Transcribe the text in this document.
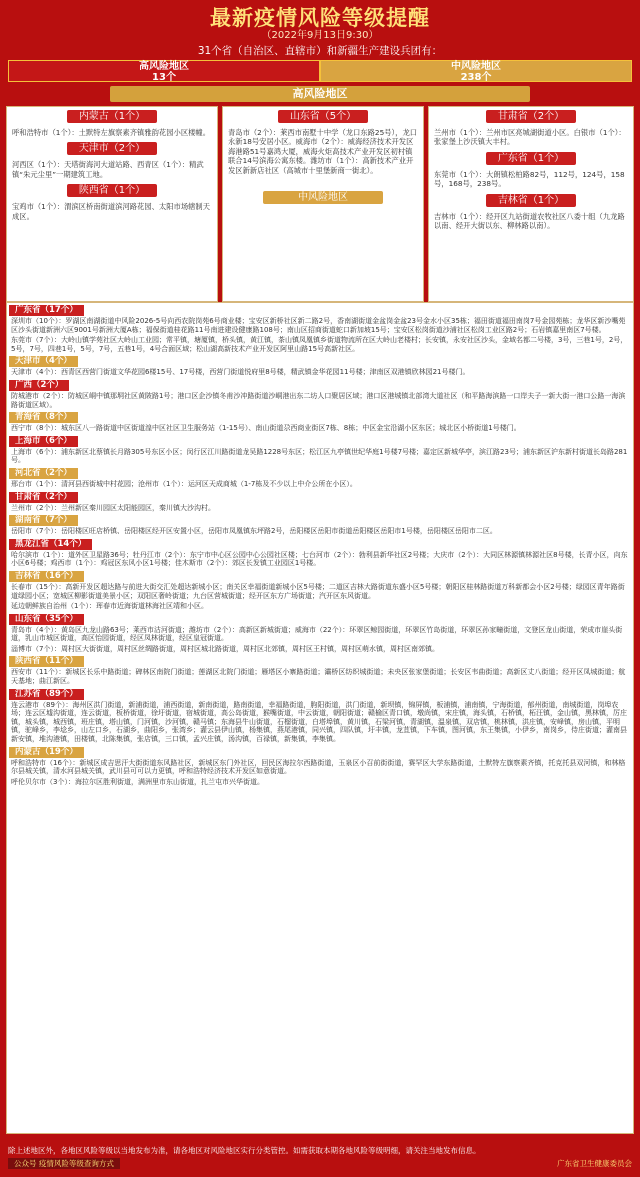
最新疫情风险等级提醒
（2022年9月13日9:30）
31个省（自治区、直辖市）和新疆生产建设兵团有：
高风险地区
13个
中风险地区
238个
高风险地区
内蒙古（1个）
呼和浩特市（1个）：土默特左旗察素齐镇雅韵花园小区楼幢。
天津市（2个）
河西区（1个）：天塔街海河大道站路、西青区（1个）：精武镇“朱元尘里”一期建筑工地。
陕西省（1个）
宝鸡市（1个）：渭滨区桥南街道滨河路花园、太阳市场辖制天成区。
山东省（5个）
青岛市（2个）：莱西市南墅十中学（龙口东路25号），龙口永新18号安居小区。威海市（2个）：威海经济技术开发区海港路51号嘉鸿大厦，威海火炬高技术产业开发区初村镇联合14号滨海公寓东楼。潍坊市（1个）：高新技术产业开发区新新店社区（高城市十里堡新商一街北）。
中风险地区
甘肃省（2个）
兰州市（1个）：兰州市区亮城湖街道小区。白银市（1个）：张家堡上沙沃镇大丰村。
广东省（1个）
东莞市（1个）：大朗镇松柏路82号，112号，124号，158号，168号，238号。
吉林省（1个）
吉林市（1个）：经开区九站街道农牧社区八委十组（九龙路以南、经开大街以东、柳林路以南）。
广东省（17个）
深圳市（10个）：罗湖区南湖街道中风险2026-5号向西农院岗苑6号商业楼；宝安区新桥社区新二路2号，香南湖街道金盆岗金盆23号金水小区35栋；福田街道福田南岗7号金园苑栋；龙华区新沙嘴苑区沙头街道新洲六区9001号新洲大厦A栋；福保街道桂花路11号南进建设健康路108号；南山区招商街道蛇口新加坡15号；宝安区松岗街道沙浦社区松岗工业区路2号；石岩镇嘉里南区7号楼。
东莞市（7个）：大岭山镇学苑社区大岭山工业园；常平镇，塘厦镇，桥头镇，黄江镇，茶山镇凤凰镇乡街道物流所在区大岭山老楼村；长安镇，永安社区沙头，金域名都二号楼，3号，三巷1号，2号，5号，7号，四巷1号，5号，7号，五巷1号，4号合面区域；松山湖高新技术产业开发区阿里山路15号高新社区。
天津市（4个）
天津市（4个）：西青区西营门街道文华花园6楼15号、17号楼，西营门街道悦府里8号楼，精武镇金华花园11号楼；津南区双港镇欣林园21号楼门。
广西（2个）
防城港市（2个）：防城区峒中镇那垌社区黄陂路1号；港口区企沙镇冬甫沙冲路街道沙峒港出东二坊人口聚居区域；港口区港城镇北部湾大道社区（和平路海滨路一口岸夫子一新大街一港口公路一海滨路街道区域）。
青海省（8个）
西宁市（8个）：城东区八一路街道中区街道湟中区社区卫生服务站（1-15号）、南山街道尕西商业街区7栋、8栋；中区金宝沿湖小区东区；城北区小桥街道1号楼门。
上海市（6个）
上海市（6个）：浦东新区北蔡镇长月路305号东区小区；闵行区江川路街道龙吴路1228号东区；松江区九亭镇世纪华庭1号楼7号楼；嘉定区新城华亭，滨江路23号；浦东新区沪东新村街道长岛路281号。
河北省（2个）
邢台市（1个）：清河县西街城中村花园；沧州市（1个）：运河区天成商城（1-7栋及不少以上中介公所在小区）。
甘肃省（2个）
兰州市（2个）：兰州新区秦川园区太阳能园区，秦川镇大沙沟村。
湖南省（7个）
岳阳市（7个）：岳阳楼区旺店桥镇、岳阳楼区经开区安置小区，岳阳市凤凰镇东坪路2号，岳阳楼区岳阳市街道岳阳楼区岳阳市1号楼，岳阳楼区岳阳市二区。
黑龙江省（14个）
哈尔滨市（1个）：道外区卫星路36号；牡丹江市（2个）：东宁市中心区公园中心公园社区楼；七台河市（2个）：勃利县新华社区2号楼；大庆市（2个）：大同区林源镇林源社区8号楼，长青小区，向东小区6号楼；鸡西市（1个）：鸡冠区东风小区1号楼；佳木斯市（2个）：郊区长发镇工业园区1号楼。
吉林省（16个）
长春市（15个）：高新开发区超达路与前进大街交汇处超达新城小区；南关区幸福街道新城小区5号楼；二道区吉林大路街道东盛小区5号楼；朝阳区桂林路街道万科新都会小区2号楼；绿园区青年路街道绿园小区；宽城区柳影街道美景小区；双阳区奢岭街道；九台区营城街道；经开区东方广场街道；汽开区东风街道。
延边朝鲜族自治州（1个）：珲春市近海街道林海社区靖和小区。
山东省（35个）
青岛市（4个）：黄岛区九龙山路63号；莱西市沽河街道；潍坊市（2个）：高新区新城街道；威海市（22个）：环翠区鲸园街道，环翠区竹岛街道，环翠区孙家疃街道，文登区龙山街道，荣成市崖头街道，乳山市城区街道，高区怡园街道，经区凤林街道，经区皇冠街道。
淄博市（7个）：周村区大街街道，周村区丝绸路街道，周村区城北路街道，周村区北郊镇，周村区王村镇，周村区萌水镇，周村区南郊镇。
陕西省（11个）
西安市（11个）：新城区长乐中路街道；碑林区南院门街道；莲湖区北院门街道；雁塔区小寨路街道；灞桥区纺织城街道；未央区张家堡街道；长安区韦曲街道；高新区丈八街道；经开区凤城街道；航天基地；曲江新区。
江苏省（89个）
连云港市（89个）：海州区洪门街道，新浦街道，浦西街道，新南街道，路南街道，幸福路街道，朐阳街道，洪门街道，新坝镇，锦屏镇，板浦镇，浦南镇，宁海街道，郁州街道，南城街道，岗埠农场；连云区墟沟街道，连云街道，板桥街道，徐圩街道，宿城街道，高公岛街道，猴嘴街道，中云街道，朝阳街道；赣榆区青口镇，墩尚镇，宋庄镇，海头镇，石桥镇，柘汪镇，金山镇，黑林镇，厉庄镇，城头镇，城西镇，班庄镇，塔山镇，门河镇，沙河镇，赣马镇；东海县牛山街道，石榴街道，白塔埠镇，黄川镇，石梁河镇，青湖镇，温泉镇，双店镇，桃林镇，洪庄镇，安峰镇，房山镇，平明镇，驼峰乡，李埝乡，山左口乡，石湖乡，曲阳乡，张湾乡；灌云县伊山镇，杨集镇，燕尾港镇，同兴镇，四队镇，圩丰镇，龙苴镇，下车镇，图河镇，东王集镇，小伊乡，南岗乡，侍庄街道；灌南县新安镇，堆沟港镇，田楼镇，北陈集镇，张店镇，三口镇，孟兴庄镇，汤沟镇，百禄镇，新集镇，李集镇。
内蒙古（19个）
呼和浩特市（16个）：新城区成吉思汗大街街道东风路社区，新城区东门外社区，回民区海拉尔西路街道，玉泉区小召前街街道，赛罕区大学东路街道，土默特左旗察素齐镇，托克托县双河镇，和林格尔县城关镇，清水河县城关镇，武川县可可以力更镇，呼和浩特经济技术开发区如意街道。
呼伦贝尔市（3个）：海拉尔区胜利街道，满洲里市东山街道，扎兰屯市兴华街道。
除上述地区外，各地区风险等级以当地发布为准，请各地区对风险地区实行分类管控。如需获取本期各地风险等级明细，请关注当地发布信息。
公众号 疫情风险等级查询方式	广东省卫生健康委员会
